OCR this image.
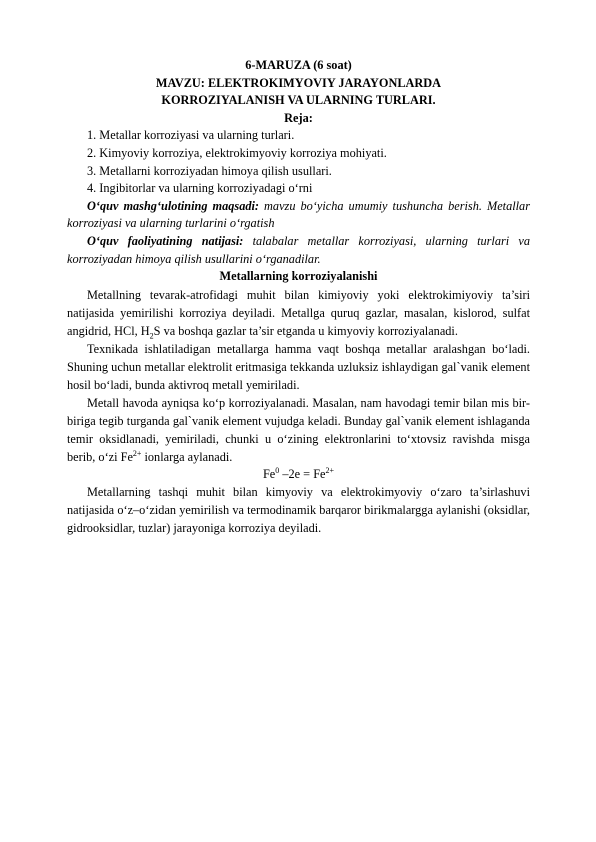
6-MARUZA (6 soat)

MAVZU: ELEKTROKIMYOVIY JARAYONLARDA

KORROZIYALANISH VA ULARNING TURLARI.

Reja:

1. Metallar korroziyasi va ularning turlari.

2. Kimyoviy korroziya, elektrokimyoviy korroziya mohiyati.

3. Metallarni korroziyadan himoya qilish usullari.

4. Ingibitorlar va ularning korroziyadagi oʻrni

Oʻquv mashgʻulotining maqsadi: mavzu boʻyicha umumiy tushuncha berish. Metallar korroziyasi va ularning turlarini oʻrgatish

Oʻquv faoliyatining natijasi: talabalar metallar korroziyasi, ularning turlari va korroziyadan himoya qilish usullarini oʻrganadilar.

Metallarning korroziyalanishi

Metallning tevarak-atrofidagi muhit bilan kimiyoviy yoki elektrokimiyoviy ta’siri natijasida yemirilishi korroziya deyiladi. Metallga quruq gazlar, masalan, kislorod, sulfat angidrid, HCl, $H_2S$ va boshqa gazlar ta’sir etganda u kimyoviy korroziyalanadi.

Texnikada ishlatiladigan metallarga hamma vaqt boshqa metallar aralashgan boʻladi. Shuning uchun metallar elektrolit eritmasiga tekkanda uzluksiz ishlaydigan gal`vanik element hosil boʻladi, bunda aktivroq metall yemiriladi.

Metall havoda ayniqsa koʻp korroziyalanadi. Masalan, nam havodagi temir bilan mis bir-biriga tegib turganda gal`vanik element vujudga keladi. Bunday gal`vanik element ishlaganda temir oksidlanadi, yemiriladi, chunki u oʻzining elektronlarini toʻxtovsiz ravishda misga berib, oʻzi $Fe^{2+}$ ionlarga aylanadi.

Fe$^0$ $-2e = Fe^{2+}$

Metallarning tashqi muhit bilan kimyoviy va elektrokimyoviy oʻzaro ta’sirlashuvi natijasida oʻz–oʻzidan yemirilish va termodinamik barqaror birikmalargga aylanishi (oksidlar, gidrooksidlar, tuzlar) jarayoniga korroziya deyiladi.
